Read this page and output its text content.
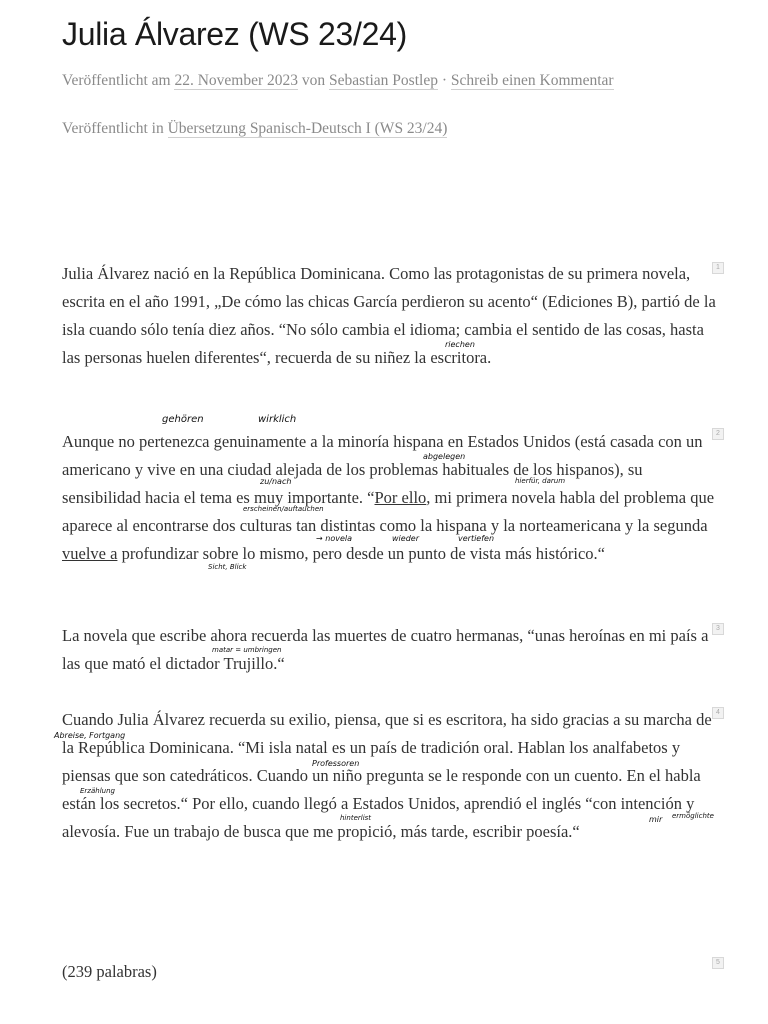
Julia Álvarez (WS 23/24)
Veröffentlicht am 22. November 2023 von Sebastian Postlep · Schreib einen Kommentar
Veröffentlicht in Übersetzung Spanisch-Deutsch I (WS 23/24)

Julia Álvarez nació en la República Dominicana. Como las protagonistas de su primera novela, escrita en el año 1991, „De cómo las chicas García perdieron su acento“ (Ediciones B), partió de la isla cuando sólo tenía diez años. “No sólo cambia el idioma; cambia el sentido de las cosas, hasta las personas huelen diferentes“, recuerda de su niñez la escritora.

1

Aunque no pertenezca genuinamente a la minoría hispana en Estados Unidos (está casada con un americano y vive en una ciudad alejada de los problemas habituales de los hispanos), su sensibilidad hacia el tema es muy importante. “Por ello, mi primera novela habla del problema que aparece al encontrarse dos culturas tan distintas como la hispana y la norteamericana y la segunda vuelve a profundizar sobre lo mismo, pero desde un punto de vista más histórico.“

2

La novela que escribe ahora recuerda las muertes de cuatro hermanas, “unas heroínas en mi país a las que mató el dictador Trujillo.“

3

Cuando Julia Álvarez recuerda su exilio, piensa, que si es escritora, ha sido gracias a su marcha de la República Dominicana. “Mi isla natal es un país de tradición oral. Hablan los analfabetos y piensas que son catedráticos. Cuando un niño pregunta se le responde con un cuento. En el habla están los secretos.“ Por ello, cuando llegó a Estados Unidos, aprendió el inglés “con intención y alevosía. Fue un trabajo de busca que me propició, más tarde, escribir poesía.“

4

(239 palabras)	5
riechen
gehören	wirklich
abgelegen
zu/nach	hierfür, darum
erscheinen/auftauchen
→ novela	wieder	vertiefen
Sicht, Blick
matar = umbringen
Abreise, Fortgang
Professoren
Erzählung
hinterlist	mir ermöglichte
